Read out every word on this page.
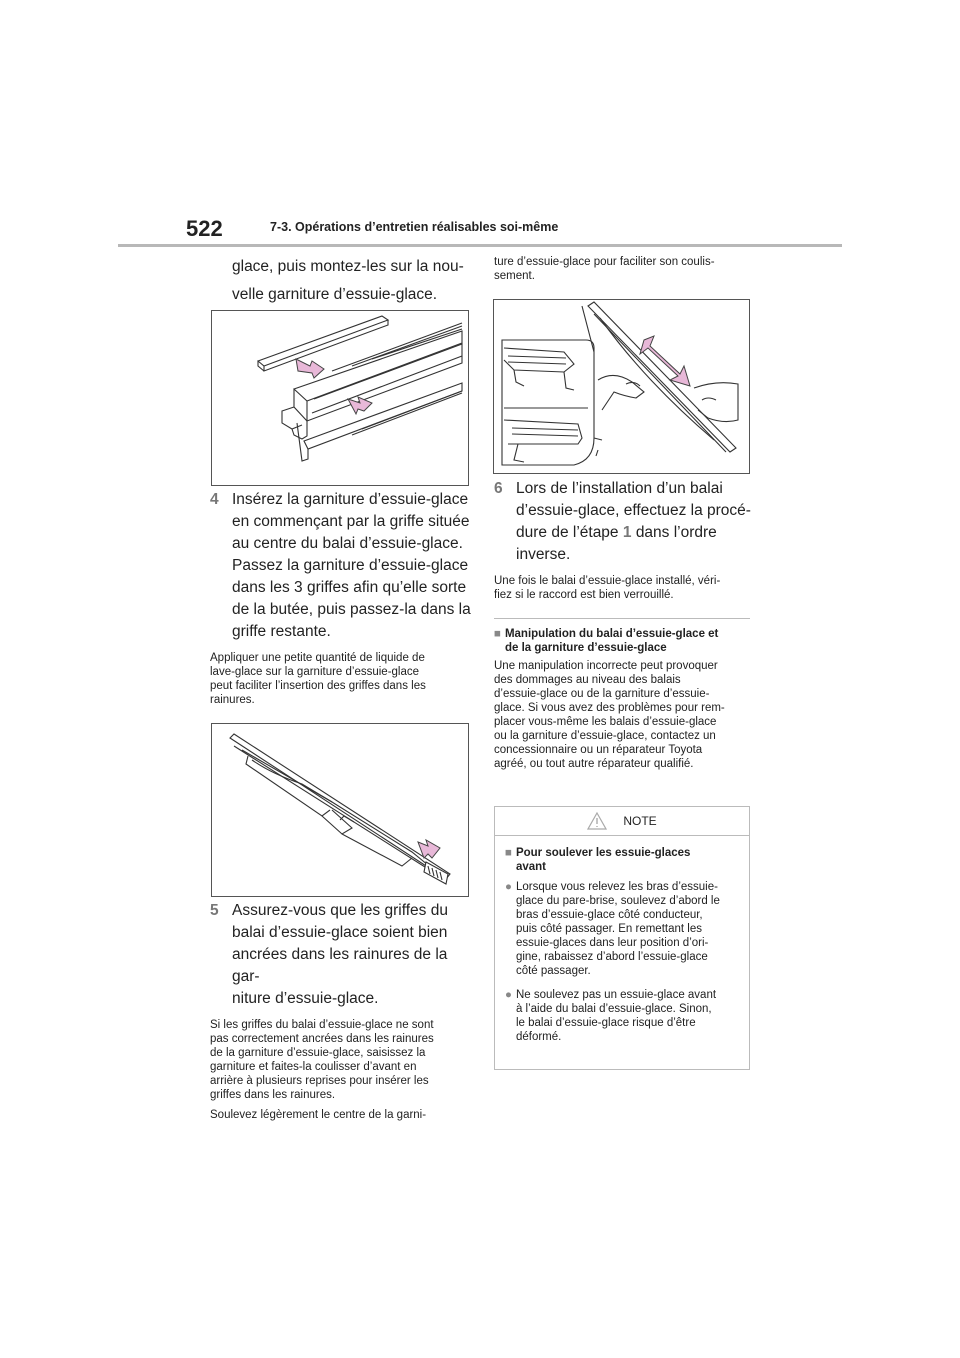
522	7-3. Opérations d’entretien réalisables soi-même

glace, puis montez-les sur la nou-

velle garniture d’essuie-glace.

4 Insérez la garniture d’essuie-glace

en commençant par la griffe située

au centre du balai d’essuie-glace.

Passez la garniture d’essuie-glace

dans les 3 griffes afin qu’elle sorte

de la butée, puis passez-la dans la

griffe restante.

Appliquer une petite quantité de liquide de

lave-glace sur la garniture d’essuie-glace

peut faciliter l’insertion des griffes dans les

rainures.

5 Assurez-vous que les griffes du

balai d’essuie-glace soient bien

ancrées dans les rainures de la gar-

niture d’essuie-glace.

Si les griffes du balai d’essuie-glace ne sont

pas correctement ancrées dans les rainures

de la garniture d’essuie-glace, saisissez la

garniture et faites-la coulisser d’avant en

arrière à plusieurs reprises pour insérer les

griffes dans les rainures.

Soulevez légèrement le centre de la garni-

ture d’essuie-glace pour faciliter son coulis-

sement.

6 Lors de l’installation d’un balai

d’essuie-glace, effectuez la procé-

dure de l’étape 1 dans l’ordre

inverse.

Une fois le balai d’essuie-glace installé, véri-

fiez si le raccord est bien verrouillé.

■ Manipulation du balai d’essuie-glace et
de la garniture d’essuie-glace

Une manipulation incorrecte peut provoquer

des dommages au niveau des balais

d’essuie-glace ou de la garniture d’essuie-

glace. Si vous avez des problèmes pour rem-

placer vous-même les balais d’essuie-glace

ou la garniture d’essuie-glace, contactez un

concessionnaire ou un réparateur Toyota

agréé, ou tout autre réparateur qualifié.

NOTE
■ Pour soulever les essuie-glaces
avant
● Lorsque vous relevez les bras d’essuie-
glace du pare-brise, soulevez d’abord le
bras d’essuie-glace côté conducteur,
puis côté passager. En remettant les
essuie-glaces dans leur position d’ori-
gine, rabaissez d’abord l’essuie-glace
côté passager.
● Ne soulevez pas un essuie-glace avant
à l’aide du balai d’essuie-glace. Sinon,
le balai d’essuie-glace risque d’être
déformé.
